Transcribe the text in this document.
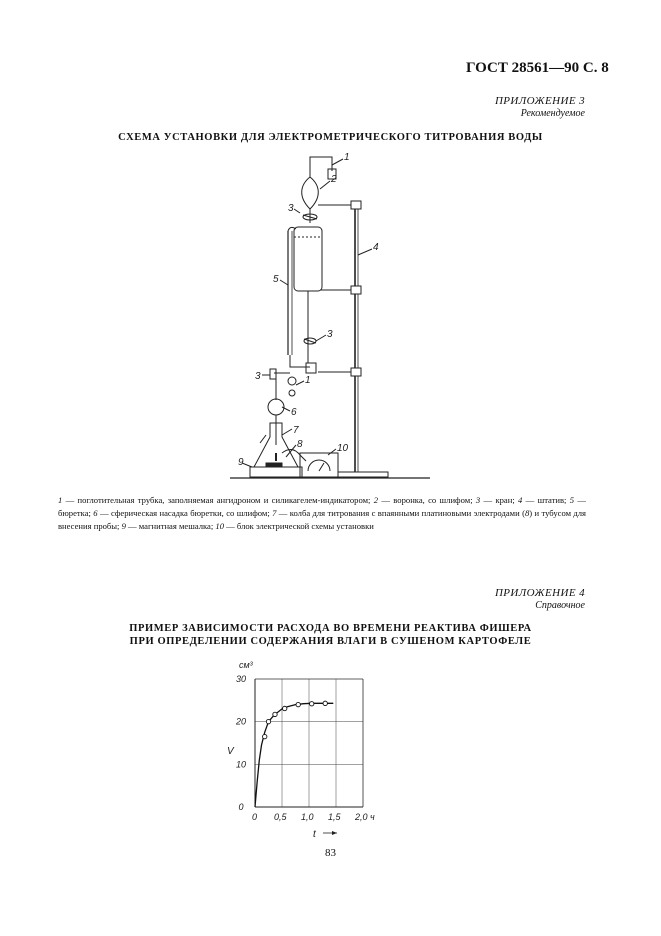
ГОСТ 28561—90 С. 8
ПРИЛОЖЕНИЕ 3
Рекомендуемое
СХЕМА УСТАНОВКИ ДЛЯ ЭЛЕКТРОМЕТРИЧЕСКОГО ТИТРОВАНИЯ ВОДЫ
1
2
3
4
5
3
3	1
6
7
8
9
10
1 — поглотительная трубка, заполняемая ангидроном и силикагелем-индикатором; 2 — воронка, со шлифом; 3 — кран; 4 — штатив; 5 — бюретка; 6 — сферическая насадка бюретки, со шлифом; 7 — колба для титрования с впаянными платиновыми электродами (8) и тубусом для внесения пробы; 9 — магнитная мешалка; 10 — блок электрической схемы установки
ПРИЛОЖЕНИЕ 4
Справочное
ПРИМЕР ЗАВИСИМОСТИ РАСХОДА ВО ВРЕМЕНИ РЕАКТИВА ФИШЕРА
ПРИ ОПРЕДЕЛЕНИИ СОДЕРЖАНИЯ ВЛАГИ В СУШЕНОМ КАРТОФЕЛЕ
0 0,5 1,0 1,5 2,0 ч
0
10
20
30
см³
V
t
83
